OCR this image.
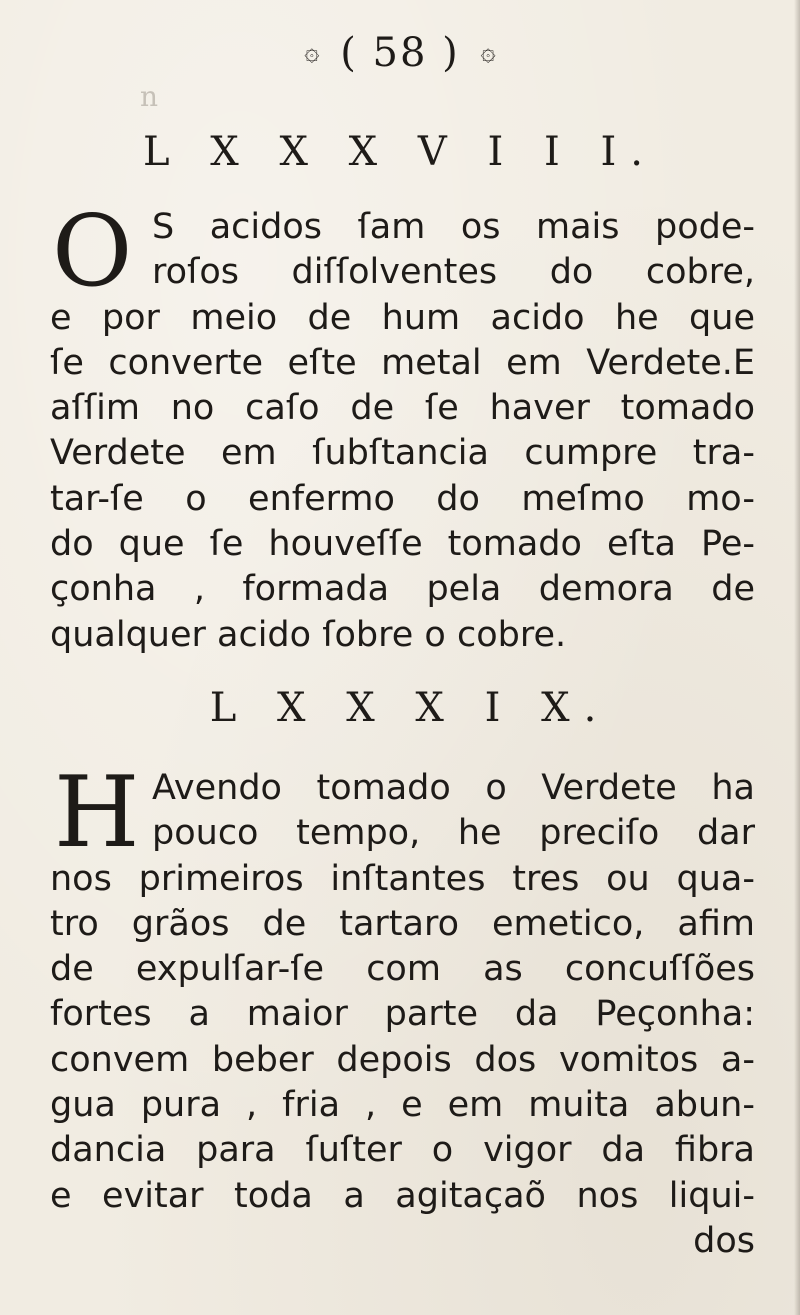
۞ ( 58 ) ۞
L X X X V I I I.
O S acidos ſam os mais pode-
roſos diſſolventes do cobre,
e por meio de hum acido he que
ſe converte eſte metal em Verdete.E
aſſim no caſo de ſe haver tomado
Verdete em ſubſtancia cumpre tra-
tar-ſe o enfermo do meſmo mo-
do que ſe houveſſe tomado eſta Pe-
çonha , formada pela demora de
qualquer acido ſobre o cobre.
L X X X I X.
H Avendo tomado o Verdete ha
pouco tempo, he preciſo dar
nos primeiros inſtantes tres ou qua-
tro grãos de tartaro emetico, afim
de expulſar-ſe com as concuſſões
fortes a maior parte da Peçonha:
convem beber depois dos vomitos a-
gua pura , fria , e em muita abun-
dancia para ſuſter o vigor da fibra
e evitar toda a agitaçaõ nos liqui-
dos
n
